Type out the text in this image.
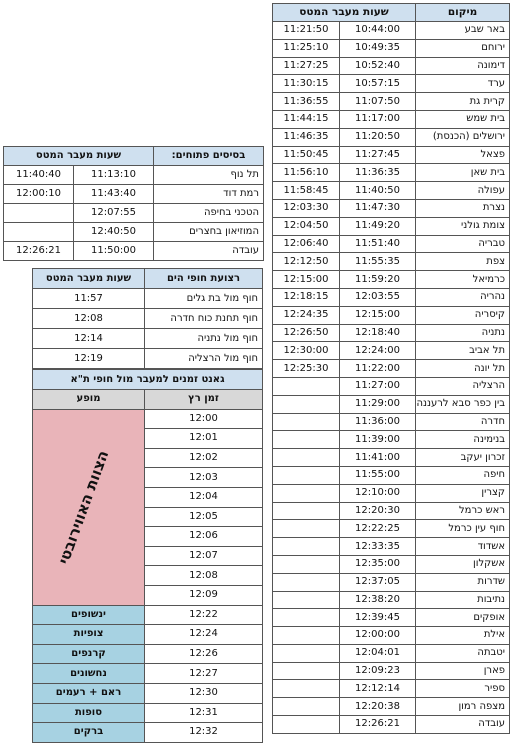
מיקום	שעות מעבר המטס	
באר שבע	10:44:00	11:21:50
ירוחם	10:49:35	11:25:10
דימונה	10:52:40	11:27:25
ערד	10:57:15	11:30:15
קרית גת	11:07:50	11:36:55
בית שמש	11:17:00	11:44:15
ירושלים (הכנסת)	11:20:50	11:46:35
פצאל	11:27:45	11:50:45
בית שאן	11:36:35	11:56:10
עפולה	11:40:50	11:58:45
נצרת	11:47:30	12:03:30
צומת גולני	11:49:20	12:04:50
טבריה	11:51:40	12:06:40
צפת	11:55:35	12:12:50
כרמיאל	11:59:20	12:15:00
נהריה	12:03:55	12:18:15
קיסריה	12:15:00	12:24:35
נתניה	12:18:40	12:26:50
תל אביב	12:24:00	12:30:00
תל יונה	11:22:00	12:25:30
הרצליה	11:27:00	
בין כפר סבא לרעננה	11:29:00	
חדרה	11:36:00	
בנימינה	11:39:00	
זכרון יעקב	11:41:00	
חיפה	11:55:00	
קצרין	12:10:00	
ראש כרמל	12:20:30	
חוף עין כרמל	12:22:25	
אשדוד	12:33:35	
אשקלון	12:35:00	
שדרות	12:37:05	
נתיבות	12:38:20	
אופקים	12:39:45	
אילת	12:00:00	
יטבתה	12:04:01	
פארן	12:09:23	
ספיר	12:12:14	
מצפה רמון	12:20:38	
עובדה	12:26:21	
בסיסים פתוחים:	שעות מעבר המטס	
תל נוף	11:13:10	11:40:40
רמת דוד	11:43:40	12:00:10
הטכני בחיפה	12:07:55	
המוזיאון בחצרים	12:40:50	
עובדה	11:50:00	12:26:21
רצועת חופי הים	שעות מעבר המטס
חוף מול בת גלים	11:57
חוף תחנת כוח חדרה	12:08
חוף מול נתניה	12:14
חוף מול הרצליה	12:19
גאנט זמנים למעבר מול חופי ת"א	
זמן רץ	מופע
12:00	הצוות האווירובטי
12:01	
12:02	
12:03	
12:04	
12:05	
12:06	
12:07	
12:08	
12:09	
12:22	ינשופים
12:24	צופיות
12:26	קרנפים
12:27	נחשונים
12:30	ראם + רעמים
12:31	סופות
12:32	ברקים
